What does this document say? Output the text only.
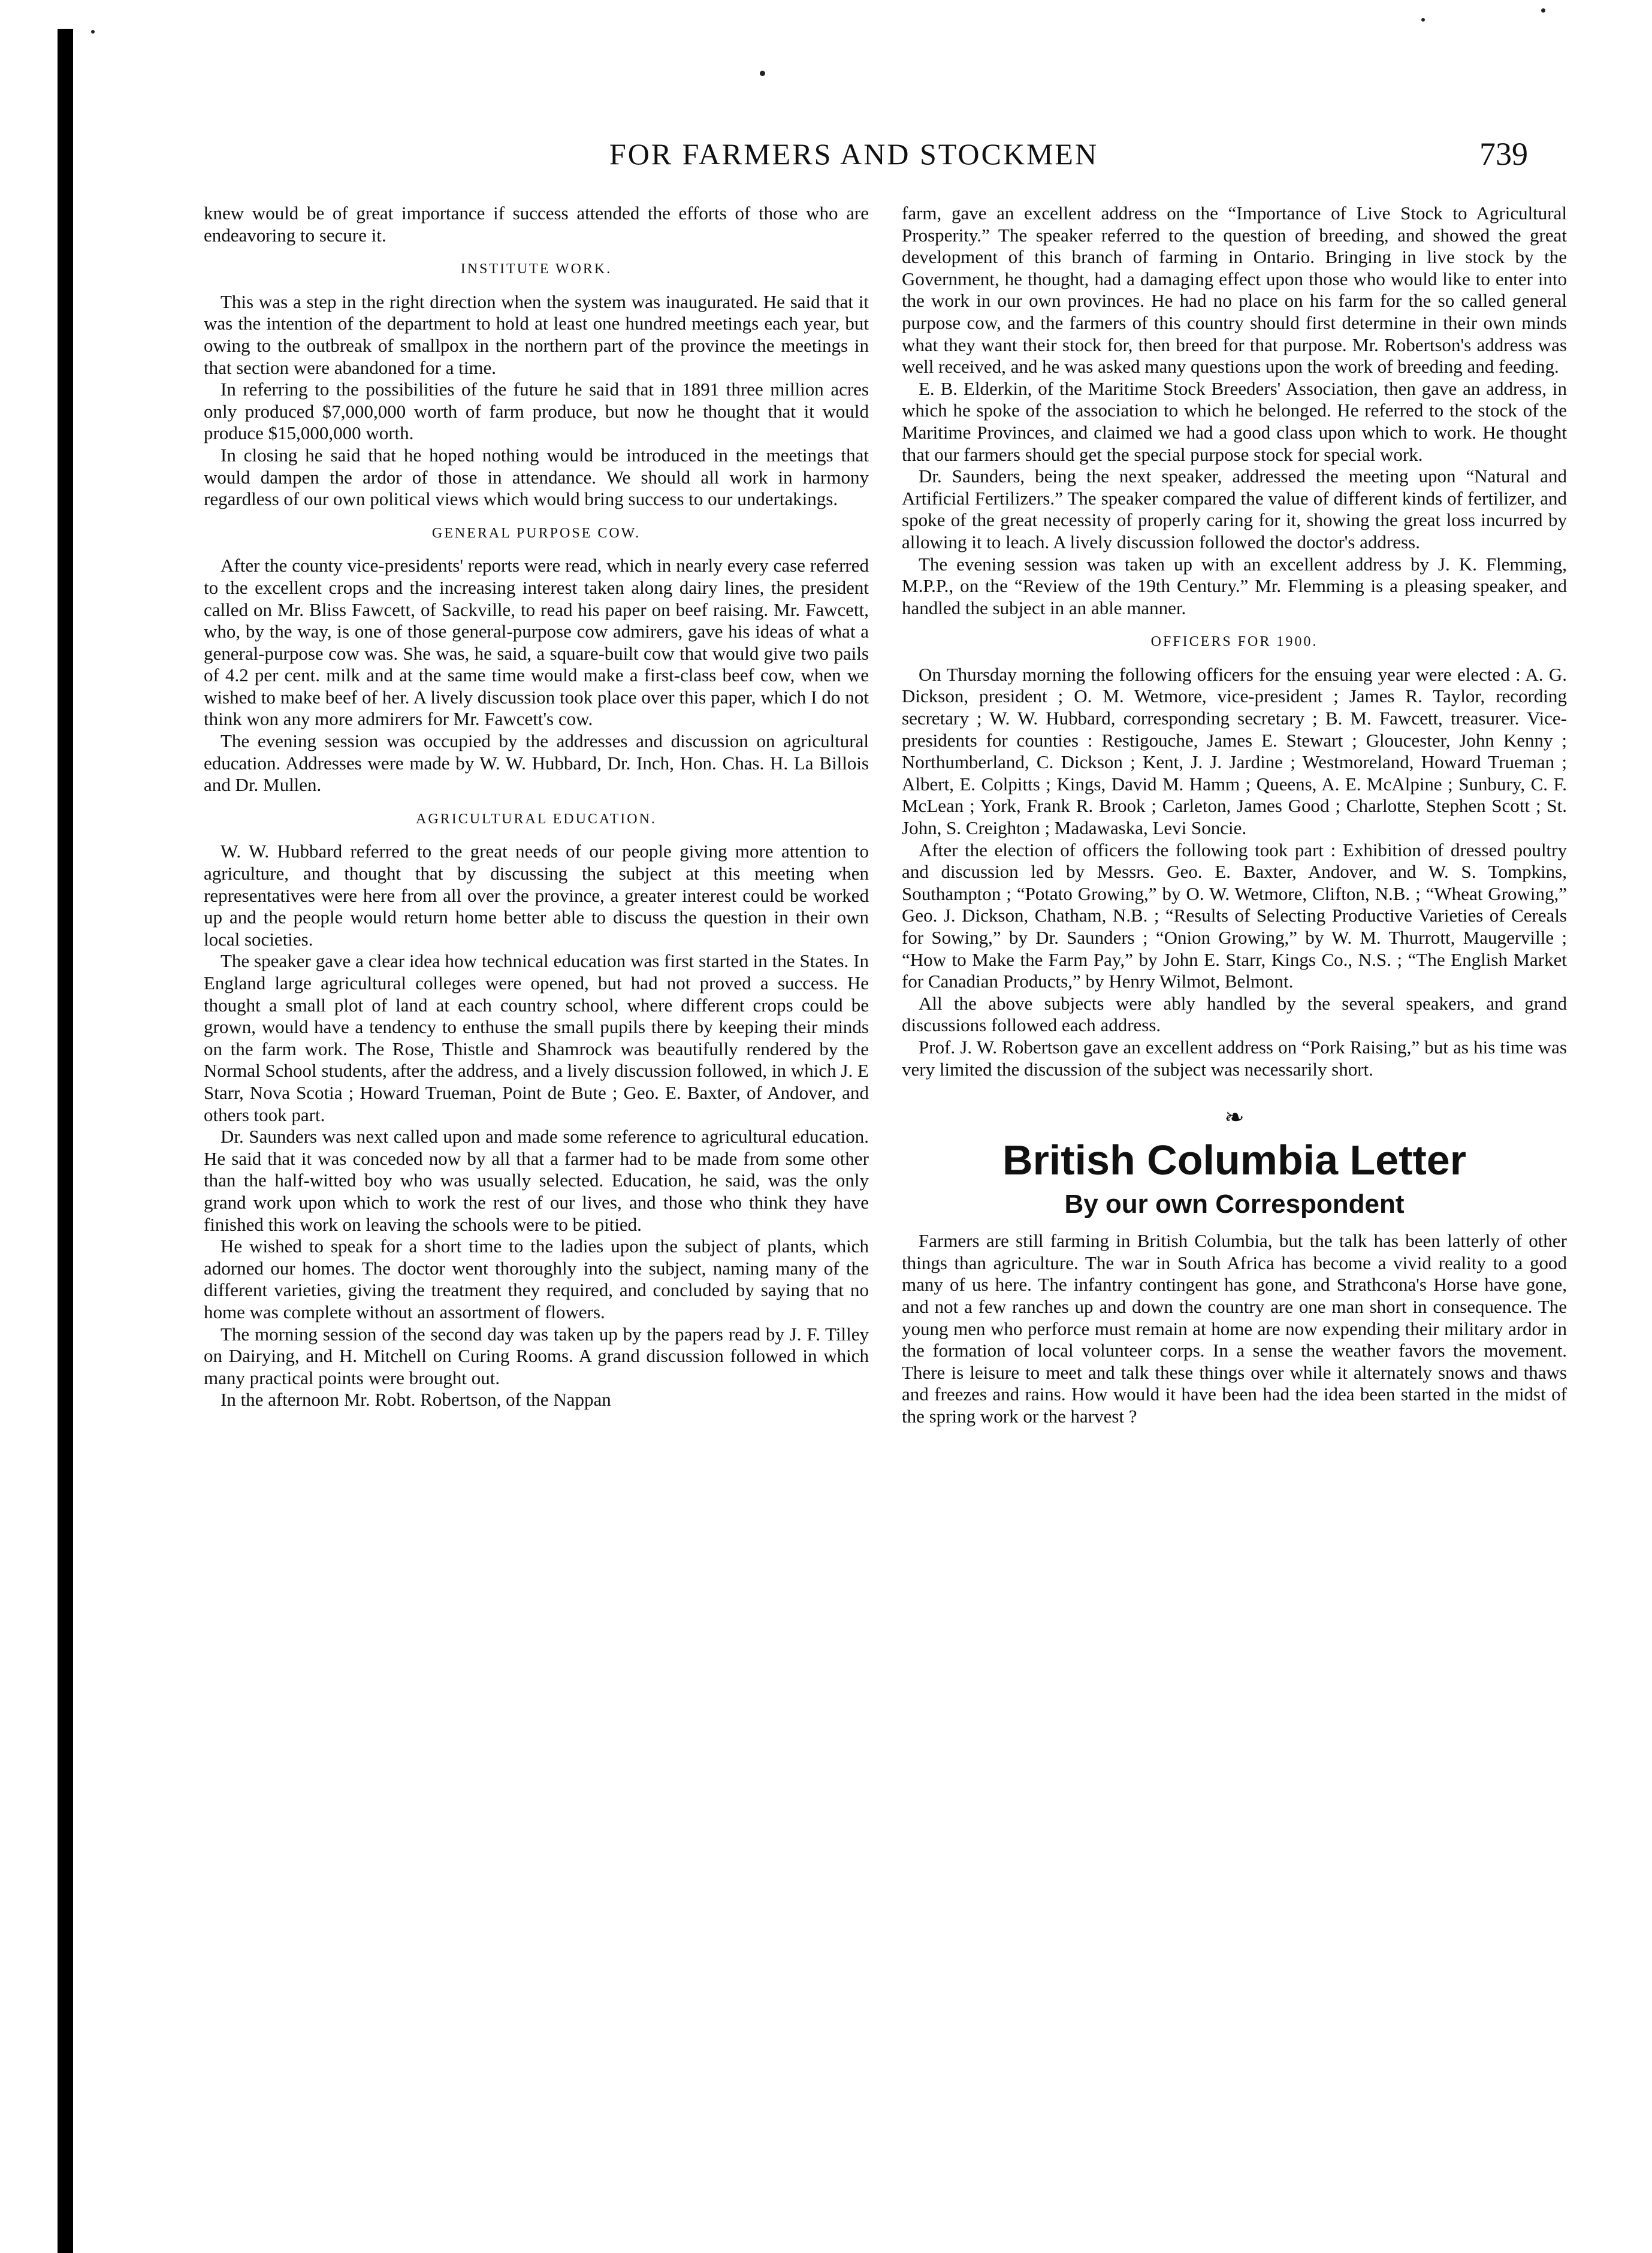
FOR FARMERS AND STOCKMEN	739

knew would be of great importance if success attended the efforts of those who are endeavoring to secure it.

INSTITUTE WORK.

This was a step in the right direction when the system was inaugurated. He said that it was the intention of the department to hold at least one hundred meetings each year, but owing to the outbreak of smallpox in the northern part of the province the meetings in that section were abandoned for a time.

In referring to the possibilities of the future he said that in 1891 three million acres only produced $7,000,000 worth of farm produce, but now he thought that it would produce $15,000,000 worth.

In closing he said that he hoped nothing would be introduced in the meetings that would dampen the ardor of those in attendance. We should all work in harmony regardless of our own political views which would bring success to our undertakings.

GENERAL PURPOSE COW.

After the county vice-presidents' reports were read, which in nearly every case referred to the excellent crops and the increasing interest taken along dairy lines, the president called on Mr. Bliss Fawcett, of Sackville, to read his paper on beef raising. Mr. Fawcett, who, by the way, is one of those general-purpose cow admirers, gave his ideas of what a general-purpose cow was. She was, he said, a square-built cow that would give two pails of 4.2 per cent. milk and at the same time would make a first-class beef cow, when we wished to make beef of her. A lively discussion took place over this paper, which I do not think won any more admirers for Mr. Fawcett's cow.

The evening session was occupied by the addresses and discussion on agricultural education. Addresses were made by W. W. Hubbard, Dr. Inch, Hon. Chas. H. La Billois and Dr. Mullen.

AGRICULTURAL EDUCATION.

W. W. Hubbard referred to the great needs of our people giving more attention to agriculture, and thought that by discussing the subject at this meeting when representatives were here from all over the province, a greater interest could be worked up and the people would return home better able to discuss the question in their own local societies.

The speaker gave a clear idea how technical education was first started in the States. In England large agricultural colleges were opened, but had not proved a success. He thought a small plot of land at each country school, where different crops could be grown, would have a tendency to enthuse the small pupils there by keeping their minds on the farm work. The Rose, Thistle and Shamrock was beautifully rendered by the Normal School students, after the address, and a lively discussion followed, in which J. E Starr, Nova Scotia ; Howard Trueman, Point de Bute ; Geo. E. Baxter, of Andover, and others took part.

Dr. Saunders was next called upon and made some reference to agricultural education. He said that it was conceded now by all that a farmer had to be made from some other than the half-witted boy who was usually selected. Education, he said, was the only grand work upon which to work the rest of our lives, and those who think they have finished this work on leaving the schools were to be pitied.

He wished to speak for a short time to the ladies upon the subject of plants, which adorned our homes. The doctor went thoroughly into the subject, naming many of the different varieties, giving the treatment they required, and concluded by saying that no home was complete without an assortment of flowers.

The morning session of the second day was taken up by the papers read by J. F. Tilley on Dairying, and H. Mitchell on Curing Rooms. A grand discussion followed in which many practical points were brought out.

In the afternoon Mr. Robt. Robertson, of the Nappan

farm, gave an excellent address on the “Importance of Live Stock to Agricultural Prosperity.” The speaker referred to the question of breeding, and showed the great development of this branch of farming in Ontario. Bringing in live stock by the Government, he thought, had a damaging effect upon those who would like to enter into the work in our own provinces. He had no place on his farm for the so called general purpose cow, and the farmers of this country should first determine in their own minds what they want their stock for, then breed for that purpose. Mr. Robertson's address was well received, and he was asked many questions upon the work of breeding and feeding.

E. B. Elderkin, of the Maritime Stock Breeders' Association, then gave an address, in which he spoke of the association to which he belonged. He referred to the stock of the Maritime Provinces, and claimed we had a good class upon which to work. He thought that our farmers should get the special purpose stock for special work.

Dr. Saunders, being the next speaker, addressed the meeting upon “Natural and Artificial Fertilizers.” The speaker compared the value of different kinds of fertilizer, and spoke of the great necessity of properly caring for it, showing the great loss incurred by allowing it to leach. A lively discussion followed the doctor's address.

The evening session was taken up with an excellent address by J. K. Flemming, M.P.P., on the “Review of the 19th Century.” Mr. Flemming is a pleasing speaker, and handled the subject in an able manner.

OFFICERS FOR 1900.

On Thursday morning the following officers for the ensuing year were elected : A. G. Dickson, president ; O. M. Wetmore, vice-president ; James R. Taylor, recording secretary ; W. W. Hubbard, corresponding secretary ; B. M. Fawcett, treasurer. Vice-presidents for counties : Restigouche, James E. Stewart ; Gloucester, John Kenny ; Northumberland, C. Dickson ; Kent, J. J. Jardine ; Westmoreland, Howard Trueman ; Albert, E. Colpitts ; Kings, David M. Hamm ; Queens, A. E. McAlpine ; Sunbury, C. F. McLean ; York, Frank R. Brook ; Carleton, James Good ; Charlotte, Stephen Scott ; St. John, S. Creighton ; Madawaska, Levi Soncie.

After the election of officers the following took part : Exhibition of dressed poultry and discussion led by Messrs. Geo. E. Baxter, Andover, and W. S. Tompkins, Southampton ; “Potato Growing,” by O. W. Wetmore, Clifton, N.B. ; “Wheat Growing,” Geo. J. Dickson, Chatham, N.B. ; “Results of Selecting Productive Varieties of Cereals for Sowing,” by Dr. Saunders ; “Onion Growing,” by W. M. Thurrott, Maugerville ; “How to Make the Farm Pay,” by John E. Starr, Kings Co., N.S. ; “The English Market for Canadian Products,” by Henry Wilmot, Belmont.

All the above subjects were ably handled by the several speakers, and grand discussions followed each address.

Prof. J. W. Robertson gave an excellent address on “Pork Raising,” but as his time was very limited the discussion of the subject was necessarily short.

❧
British Columbia Letter
By our own Correspondent

Farmers are still farming in British Columbia, but the talk has been latterly of other things than agriculture. The war in South Africa has become a vivid reality to a good many of us here. The infantry contingent has gone, and Strathcona's Horse have gone, and not a few ranches up and down the country are one man short in consequence. The young men who perforce must remain at home are now expending their military ardor in the formation of local volunteer corps. In a sense the weather favors the movement. There is leisure to meet and talk these things over while it alternately snows and thaws and freezes and rains. How would it have been had the idea been started in the midst of the spring work or the harvest ?
